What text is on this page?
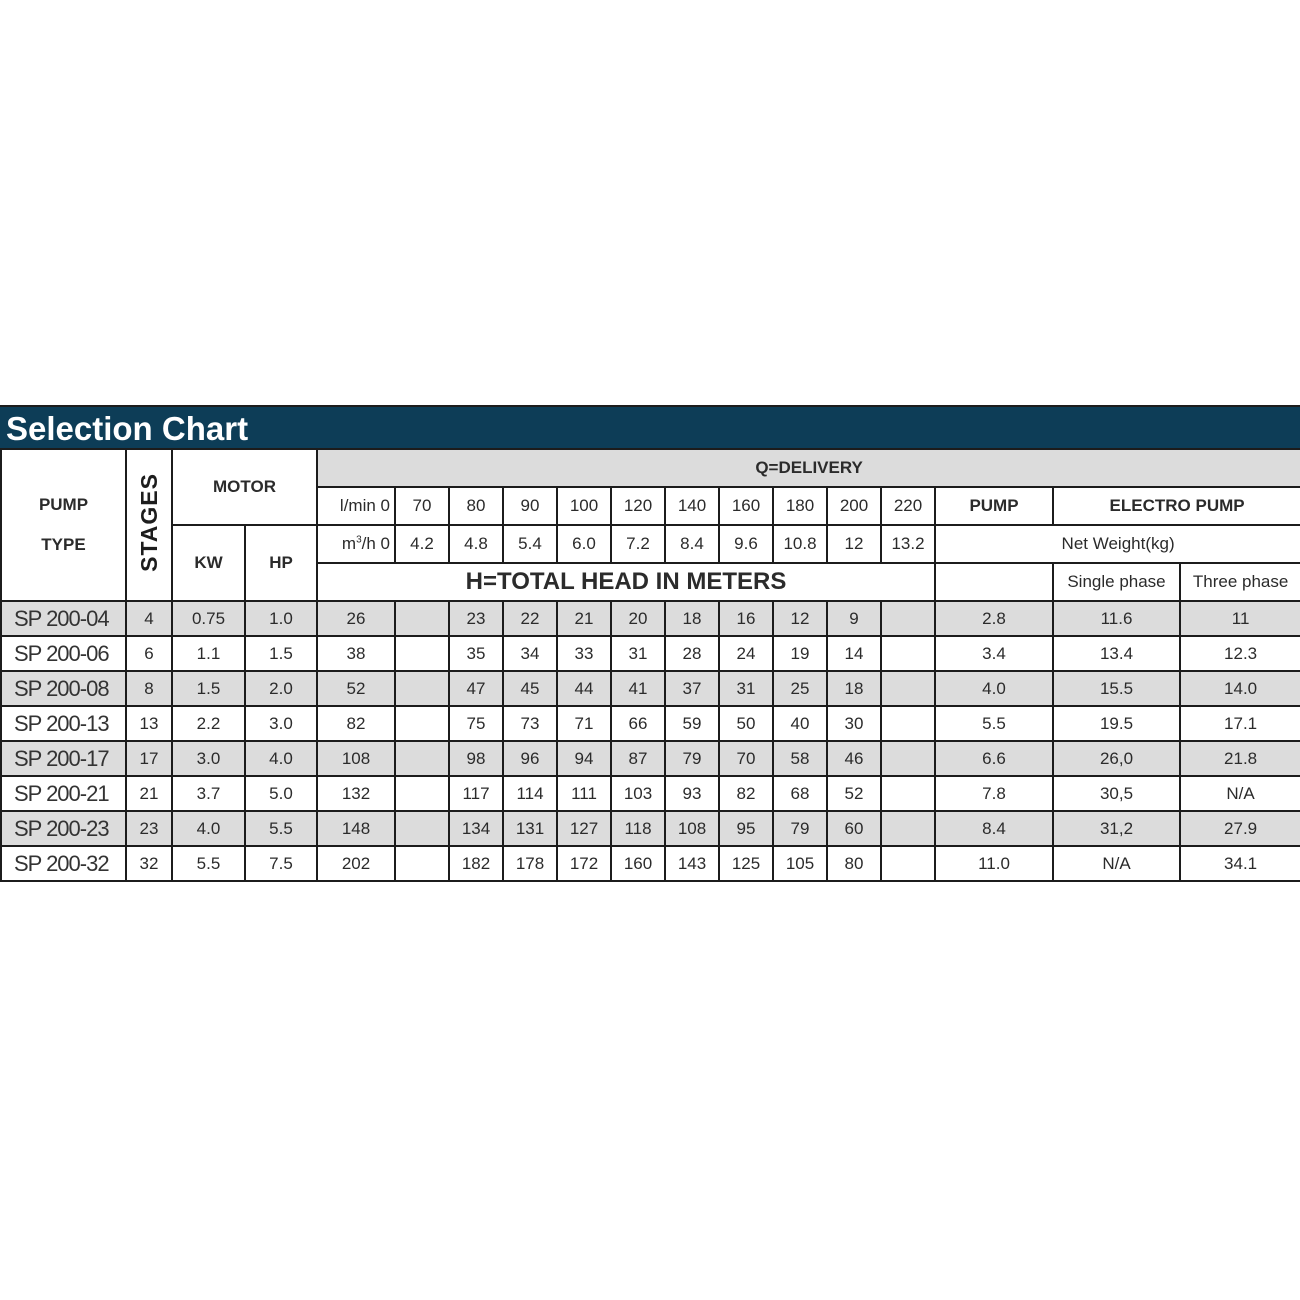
Selection Chart
PUMP
TYPE	STAGES	MOTOR		Q=DELIVERY													
				l/min 0	70	80	90	100	120	140	160	180	200	220	PUMP	ELECTRO PUMP	
		KW	HP	$m^3/h$ 0	4.2	4.8	5.4	6.0	7.2	8.4	9.6	10.8	12	13.2	Net Weight(kg)		
				H=TOTAL HEAD IN METERS												Single phase	Three phase
SP 200-04	4	0.75	1.0	26		23	22	21	20	18	16	12	9		2.8	11.6	11
SP 200-06	6	1.1	1.5	38		35	34	33	31	28	24	19	14		3.4	13.4	12.3
SP 200-08	8	1.5	2.0	52		47	45	44	41	37	31	25	18		4.0	15.5	14.0
SP 200-13	13	2.2	3.0	82		75	73	71	66	59	50	40	30		5.5	19.5	17.1
SP 200-17	17	3.0	4.0	108		98	96	94	87	79	70	58	46		6.6	26,0	21.8
SP 200-21	21	3.7	5.0	132		117	114	111	103	93	82	68	52		7.8	30,5	N/A
SP 200-23	23	4.0	5.5	148		134	131	127	118	108	95	79	60		8.4	31,2	27.9
SP 200-32	32	5.5	7.5	202		182	178	172	160	143	125	105	80		11.0	N/A	34.1
